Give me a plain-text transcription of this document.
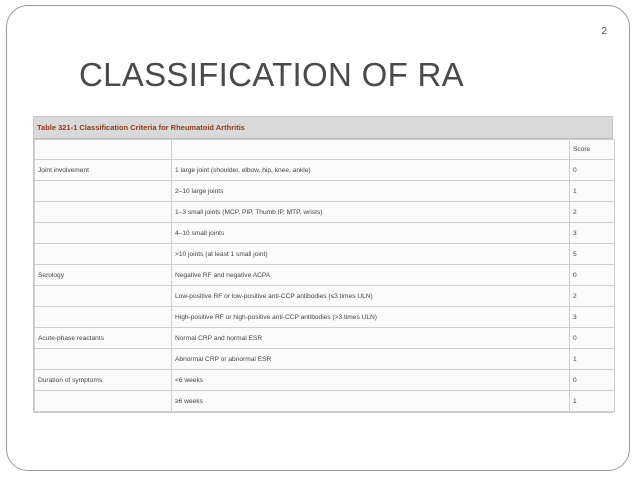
2
CLASSIFICATION OF RA
Table 321-1 Classification Criteria for Rheumatoid Arthritis
		Score
Joint involvement	1 large joint (shoulder, elbow, hip, knee, ankle)	0
	2–10 large joints	1
	1–3 small joints (MCP, PIP, Thumb IP, MTP, wrists)	2
	4–10 small joints	3
	>10 joints (at least 1 small joint)	5
Serology	Negative RF and negative ACPA	0
	Low-positive RF or low-positive anti-CCP antibodies (≤3 times ULN)	2
	High-positive RF or high-positive anti-CCP antibodies (>3 times ULN)	3
Acute-phase reactants	Normal CRP and normal ESR	0
	Abnormal CRP or abnormal ESR	1
Duration of symptoms	<6 weeks	0
	≥6 weeks	1
